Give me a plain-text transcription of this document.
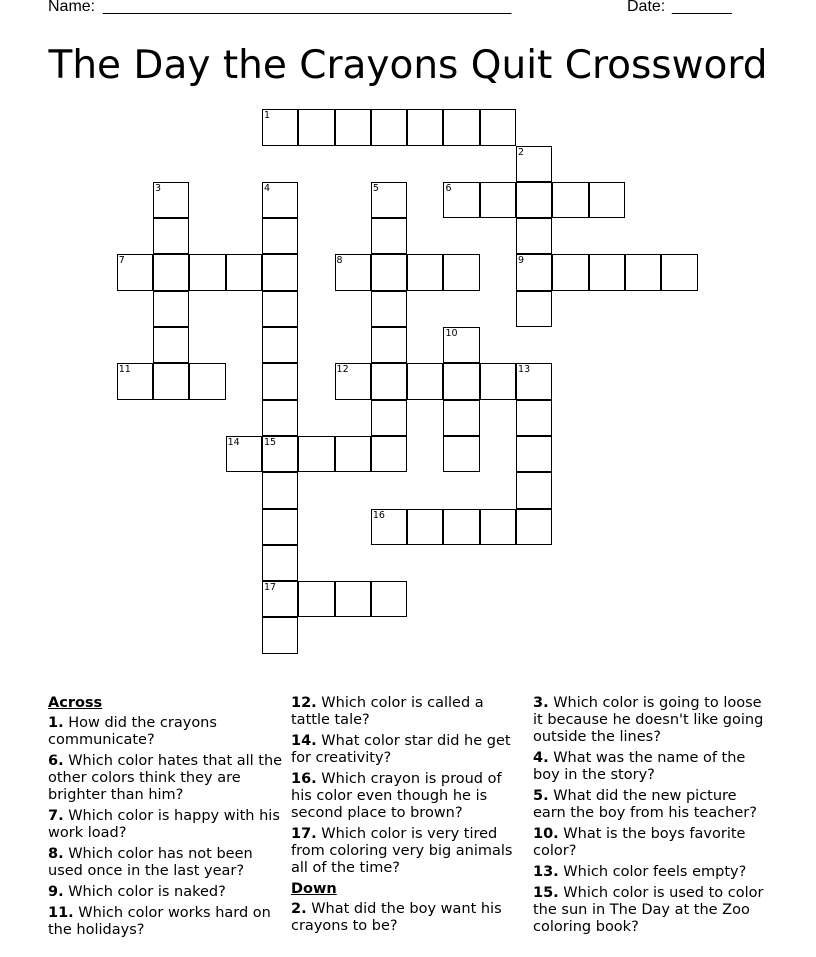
Name: ________________________________________________	Date: _______
The Day the Crayons Quit Crossword
1
2
9
3	4	5	6
7	8
10
11	12	13
14	15
17
16
Across
1. How did the crayons communicate?
6. Which color hates that all the other colors think they are brighter than him?
7. Which color is happy with his work load?
8. Which color has not been used once in the last year?
9. Which color is naked?
11. Which color works hard on the holidays?
12. Which color is called a tattle tale?
14. What color star did he get for creativity?
16. Which crayon is proud of his color even though he is second place to brown?
17. Which color is very tired from coloring very big animals all of the time?
Down
2. What did the boy want his crayons to be?
3. Which color is going to loose it because he doesn't like going outside the lines?
4. What was the name of the boy in the story?
5. What did the new picture earn the boy from his teacher?
10. What is the boys favorite color?
13. Which color feels empty?
15. Which color is used to color the sun in The Day at the Zoo coloring book?
